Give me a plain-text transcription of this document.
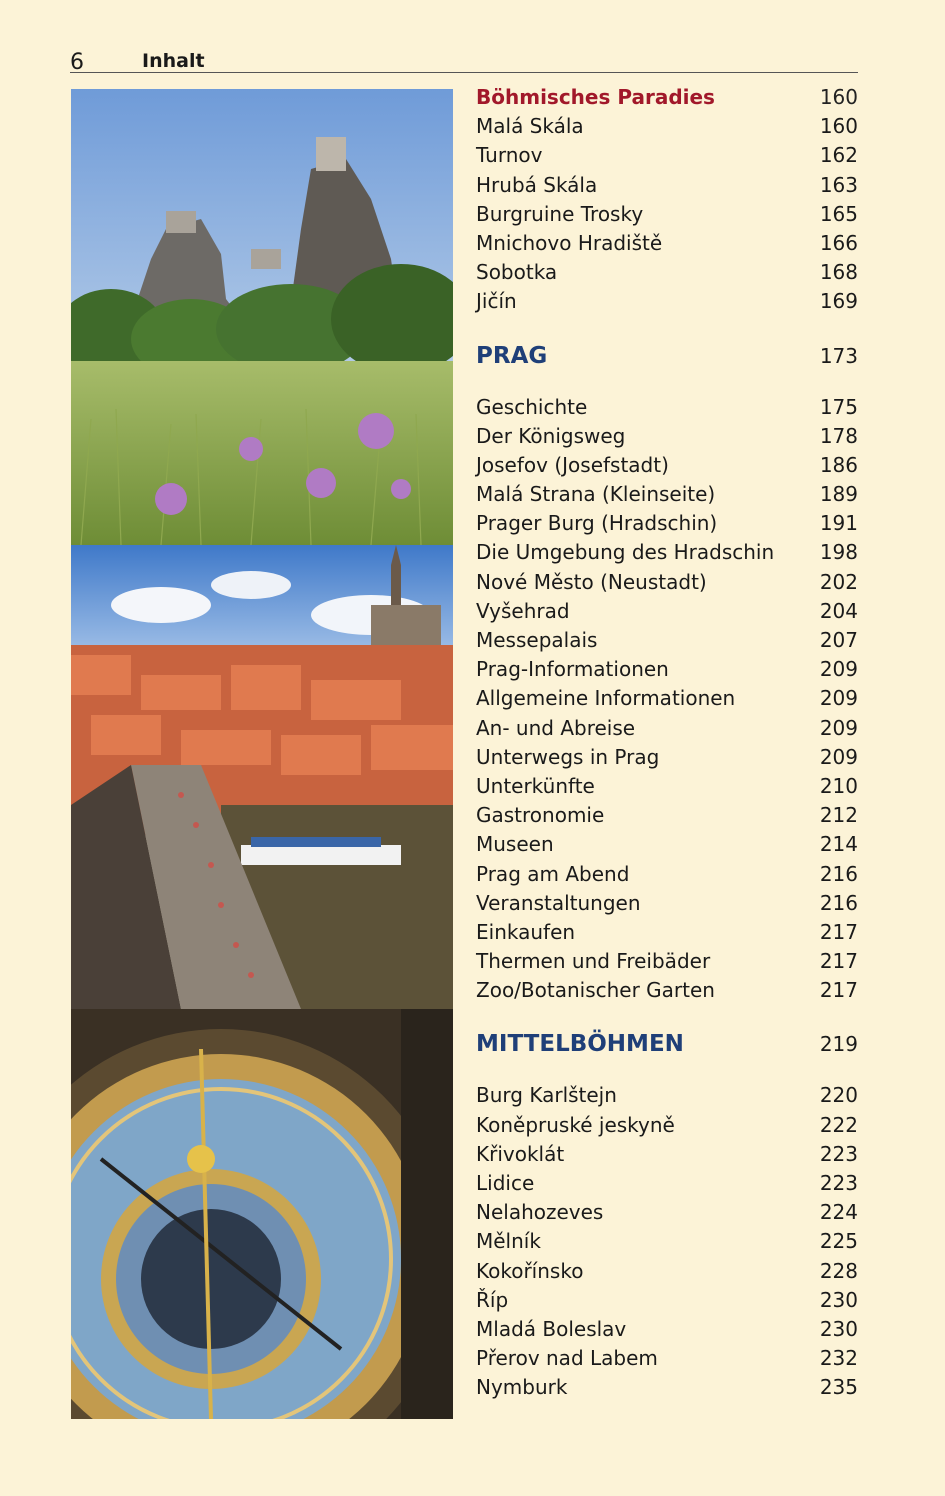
6	Inhalt
Böhmisches Paradies	160
Malá Skála	160
Turnov	162
Hrubá Skála	163
Burgruine Trosky	165
Mnichovo Hradiště	166
Sobotka	168
Jičín	169
PRAG	173
Geschichte	175
Der Königsweg	178
Josefov (Josefstadt)	186
Malá Strana (Kleinseite)	189
Prager Burg (Hradschin)	191
Die Umgebung des Hradschin 198
Nové Město (Neustadt)	202
Vyšehrad	204
Messepalais	207
Prag-Informationen	209
Allgemeine Informationen	209
An- und Abreise	209
Unterwegs in Prag	209
Unterkünfte	210
Gastronomie	212
Museen	214
Prag am Abend	216
Veranstaltungen	216
Einkaufen	217
Thermen und Freibäder	217
Zoo/Botanischer Garten	217
MITTELBÖHMEN	219
Burg Karlštejn	220
Koněpruské jeskyně	222
Křivoklát	223
Lidice	223
Nelahozeves	224
Mělník	225
Kokořínsko	228
Říp	230
Mladá Boleslav	230
Přerov nad Labem	232
Nymburk	235
